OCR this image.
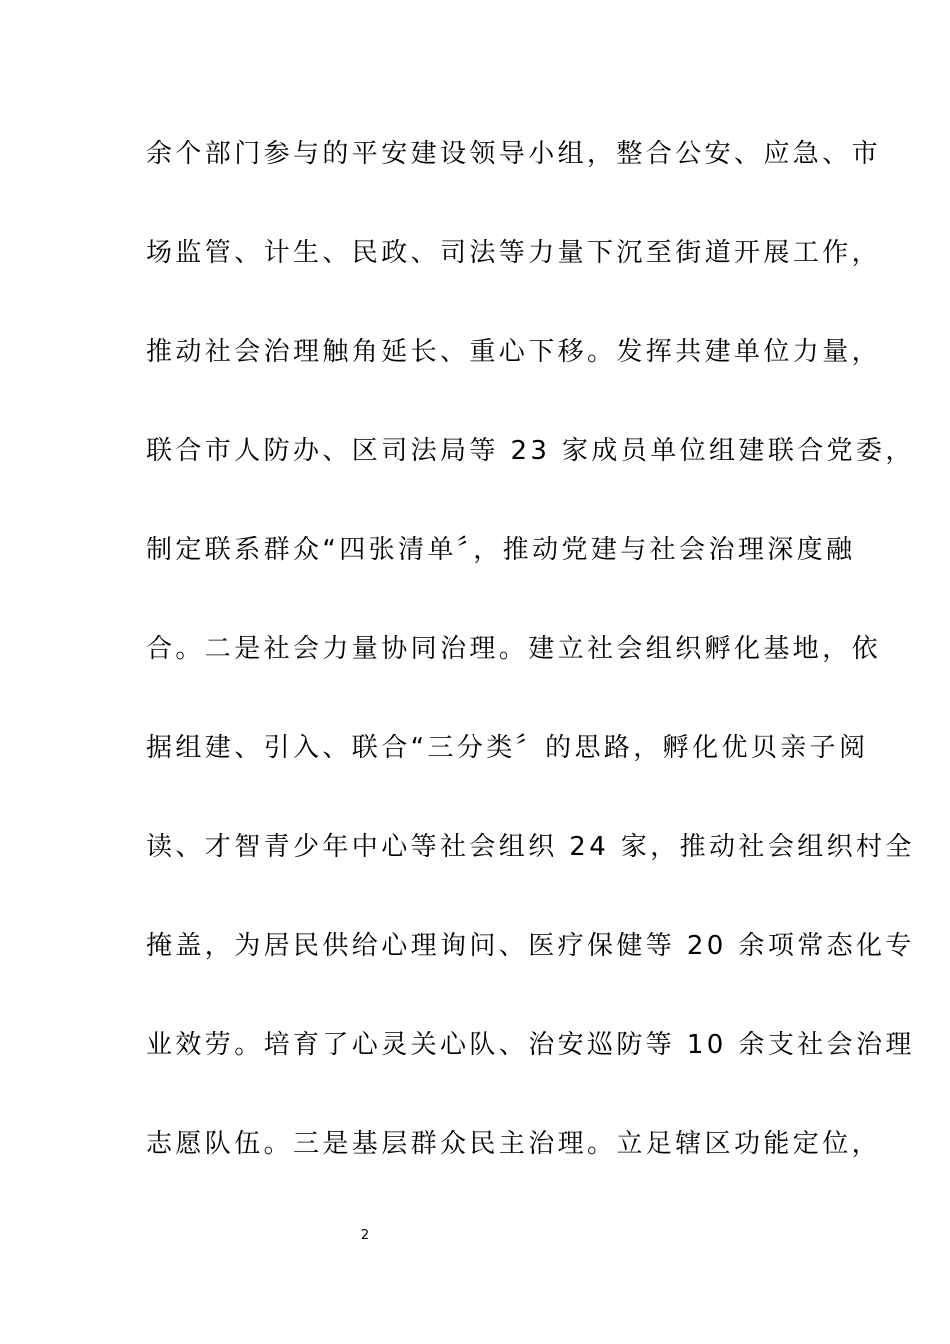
余个部门参与的平安建设领导小组，整合公安、应急、市
场监管、计生、民政、司法等力量下沉至街道开展工作，
推动社会治理触角延长、重心下移。发挥共建单位力量，
联合市人防办、区司法局等 23 家成员单位组建联合党委，
制定联系群众“四张清单〞，推动党建与社会治理深度融
合。二是社会力量协同治理。建立社会组织孵化基地，依
据组建、引入、联合“三分类〞的思路，孵化优贝亲子阅
读、才智青少年中心等社会组织 24 家，推动社会组织村全
掩盖，为居民供给心理询问、医疗保健等 20 余项常态化专
业效劳。培育了心灵关心队、治安巡防等 10 余支社会治理
志愿队伍。三是基层群众民主治理。立足辖区功能定位，
2
